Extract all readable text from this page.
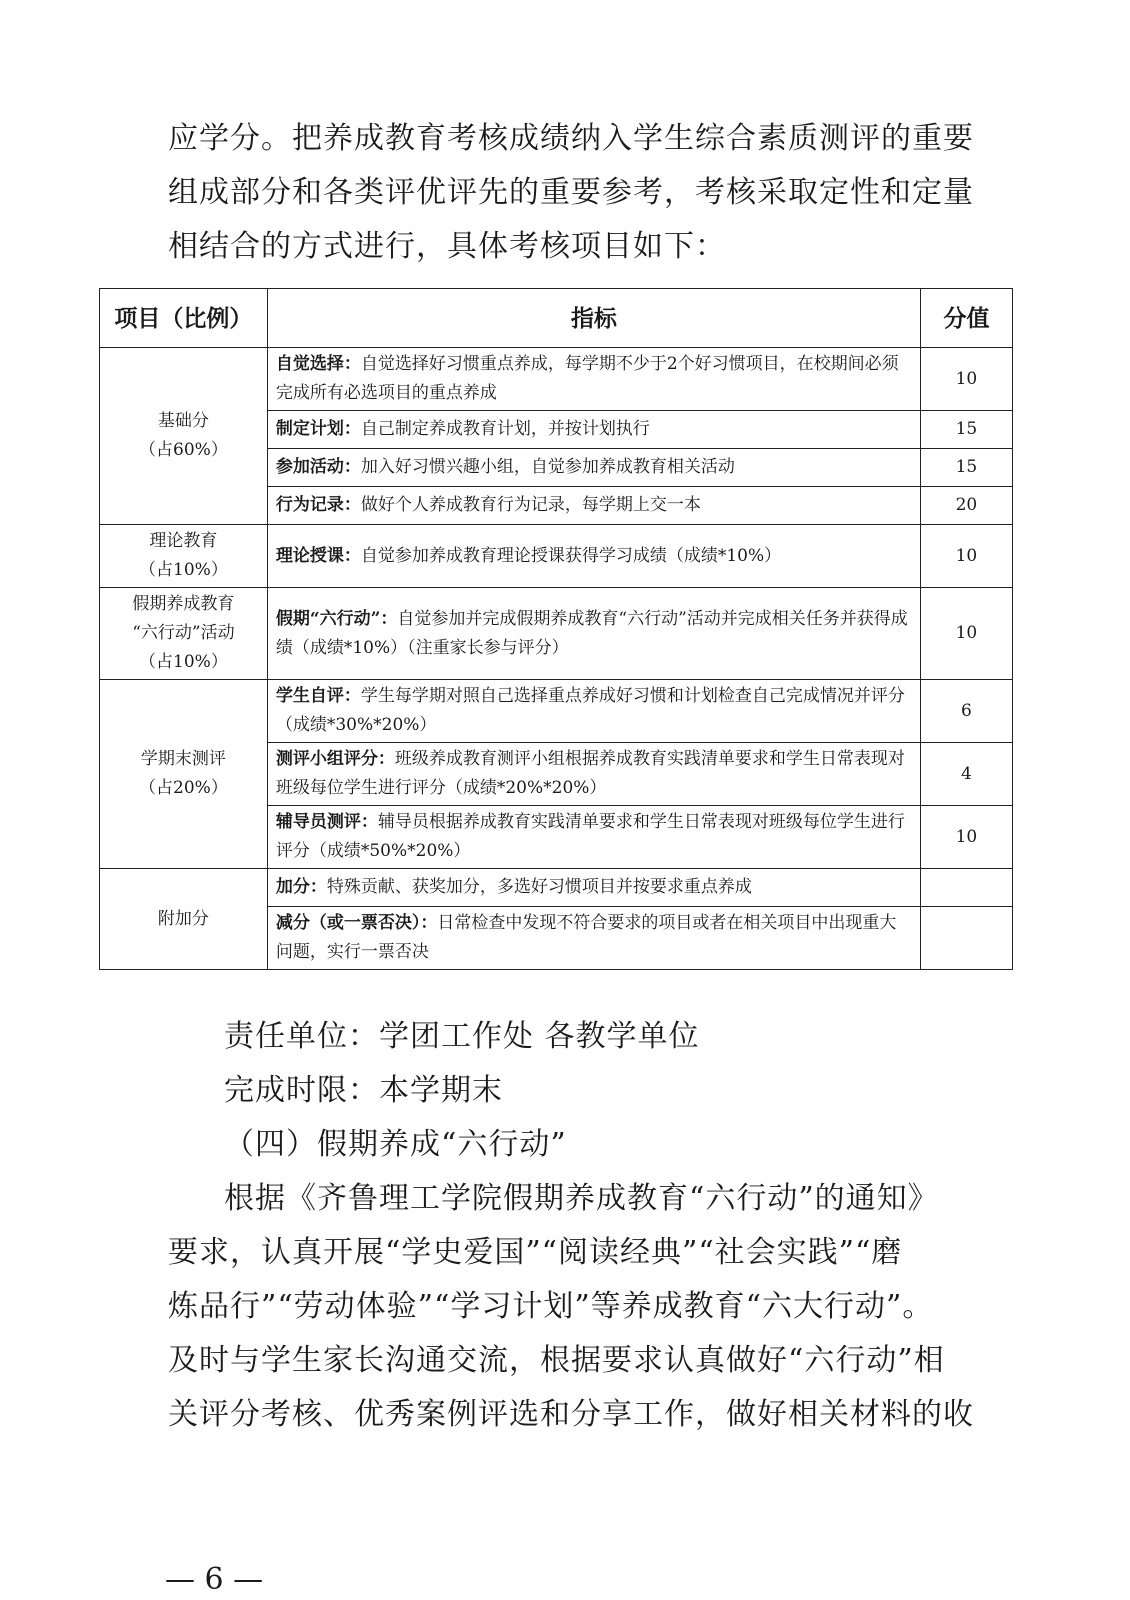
应学分。把养成教育考核成绩纳入学生综合素质测评的重要
组成部分和各类评优评先的重要参考，考核采取定性和定量
相结合的方式进行，具体考核项目如下：
项目（比例）	指标	分值

基础分
（占60%）	自觉选择：自觉选择好习惯重点养成，每学期不少于2个好习惯项目，在校期间必须完成所有必选项目的重点养成	10
	制定计划：自己制定养成教育计划，并按计划执行	15
	参加活动：加入好习惯兴趣小组，自觉参加养成教育相关活动	15
	行为记录：做好个人养成教育行为记录，每学期上交一本	20

理论教育
（占10%）	理论授课：自觉参加养成教育理论授课获得学习成绩（成绩*10%）	10

假期养成教育
“六行动”活动
（占10%）	假期“六行动”：自觉参加并完成假期养成教育“六行动”活动并完成相关任务并获得成绩（成绩*10%）（注重家长参与评分）	10

学期末测评
（占20%）	学生自评：学生每学期对照自己选择重点养成好习惯和计划检查自己完成情况并评分（成绩*30%*20%）	6
	测评小组评分：班级养成教育测评小组根据养成教育实践清单要求和学生日常表现对班级每位学生进行评分（成绩*20%*20%）	4
	辅导员测评：辅导员根据养成教育实践清单要求和学生日常表现对班级每位学生进行评分（成绩*50%*20%）	10

附加分	加分：特殊贡献、获奖加分，多选好习惯项目并按要求重点养成	
	减分（或一票否决）：日常检查中发现不符合要求的项目或者在相关项目中出现重大问题，实行一票否决	
责任单位：学团工作处 各教学单位
完成时限：本学期末
（四）假期养成“六行动”
根据《齐鲁理工学院假期养成教育“六行动”的通知》
要求，认真开展“学史爱国”“阅读经典”“社会实践”“磨
炼品行”“劳动体验”“学习计划”等养成教育“六大行动”。
及时与学生家长沟通交流，根据要求认真做好“六行动”相
关评分考核、优秀案例评选和分享工作，做好相关材料的收
— 6 —
